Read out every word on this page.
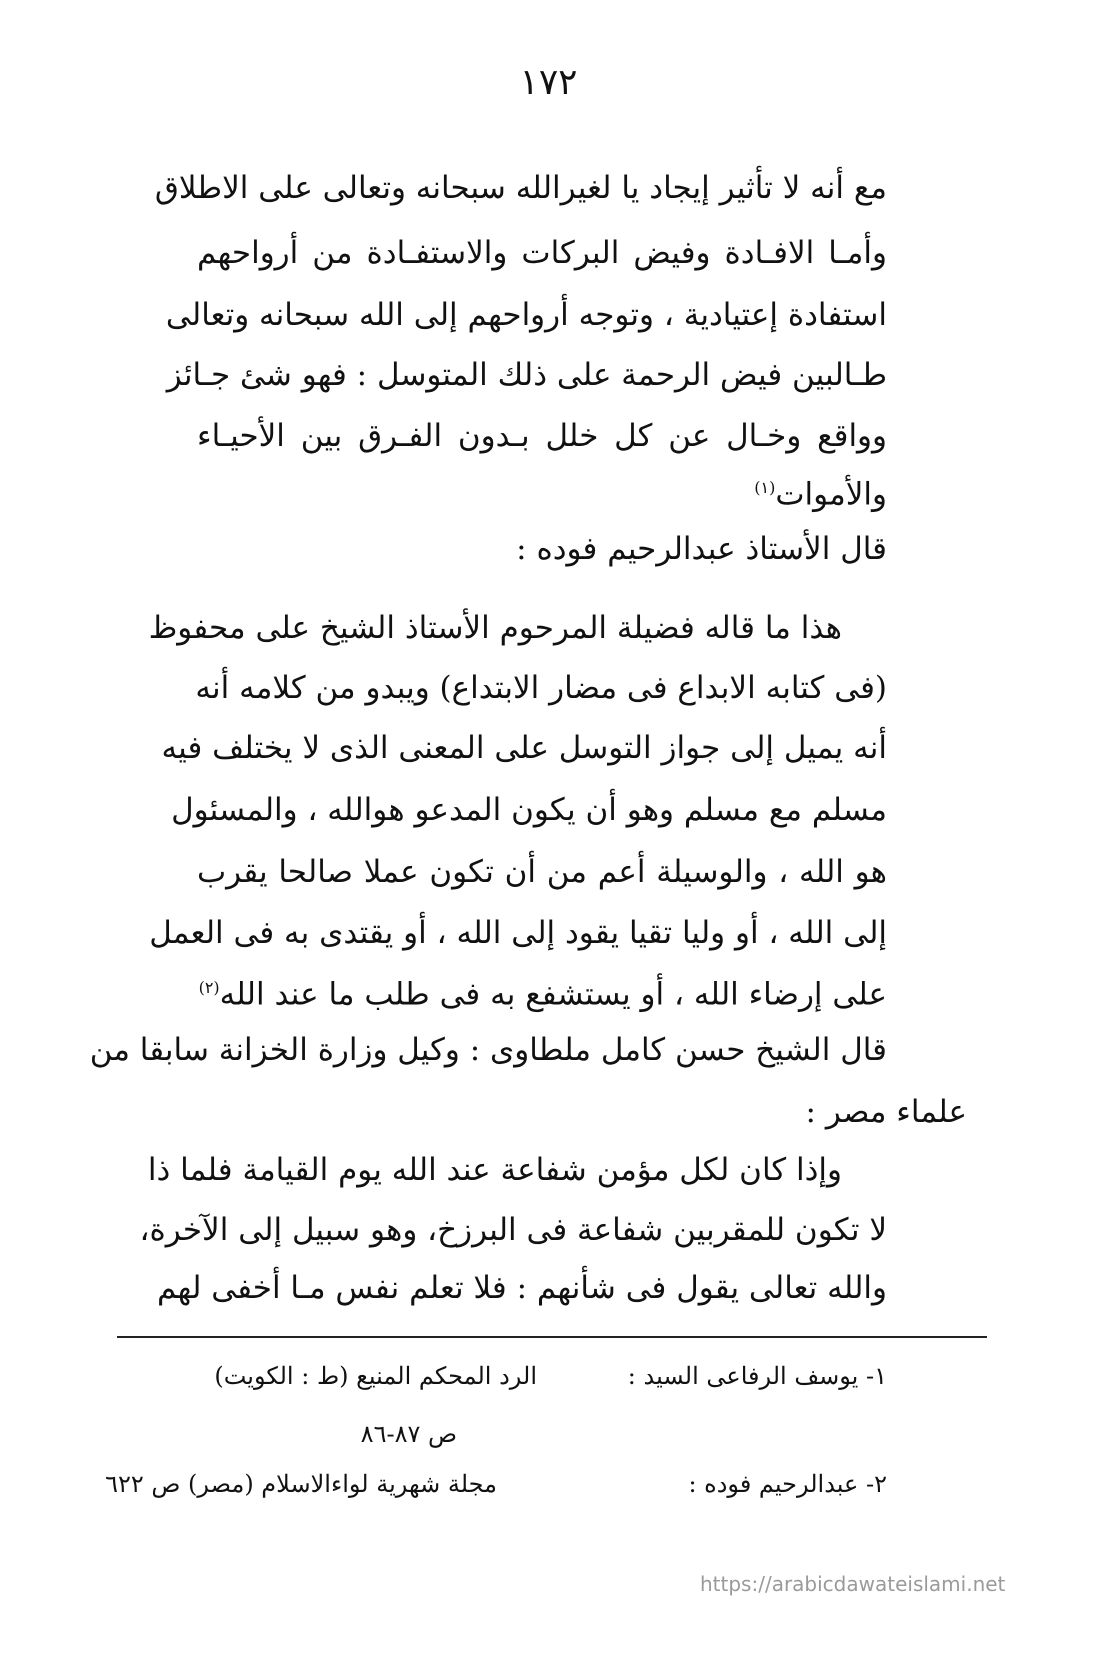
١٧٢
مع أنه لا تأثير إيجاد يا لغيرالله سبحانه وتعالى على الاطلاق
وأمـا الافـادة وفيض البركات والاستفـادة من أرواحهم
استفادة إعتيادية ، وتوجه أرواحهم إلى الله سبحانه وتعالى
طـالبين فيض الرحمة على ذلك المتوسل : فهو شئ جـائز
وواقع وخـال عن كل خلل بـدون الفـرق بين الأحيـاء
والأموات$^{(١)}$
قال الأستاذ عبدالرحيم فوده :
هذا ما قاله فضيلة المرحوم الأستاذ الشيخ على محفوظ
(فى كتابه الابداع فى مضار الابتداع) ويبدو من كلامه أنه
أنه يميل إلى جواز التوسل على المعنى الذى لا يختلف فيه
مسلم مع مسلم وهو أن يكون المدعو هوالله ، والمسئول
هو الله ، والوسيلة أعم من أن تكون عملا صالحا يقرب
إلى الله ، أو وليا تقيا يقود إلى الله ، أو يقتدى به فى العمل
على إرضاء الله ، أو يستشفع به فى طلب ما عند الله$^{(٢)}$
قال الشيخ حسن كامل ملطاوى : وكيل وزارة الخزانة سابقا من
علماء مصر :
وإذا كان لكل مؤمن شفاعة عند الله يوم القيامة فلما ذا
لا تكون للمقربين شفاعة فى البرزخ، وهو سبيل إلى الآخرة،
والله تعالى يقول فى شأنهم : فلا تعلم نفس مـا أخفى لهم
١- يوسف الرفاعى السيد :
الرد المحكم المنيع (ط : الكويت)
ص ٨٧-٨٦
٢- عبدالرحيم فوده :
مجلة شهرية لواءالاسلام (مصر) ص ٦٢٢
https://arabicdawateislami.net
